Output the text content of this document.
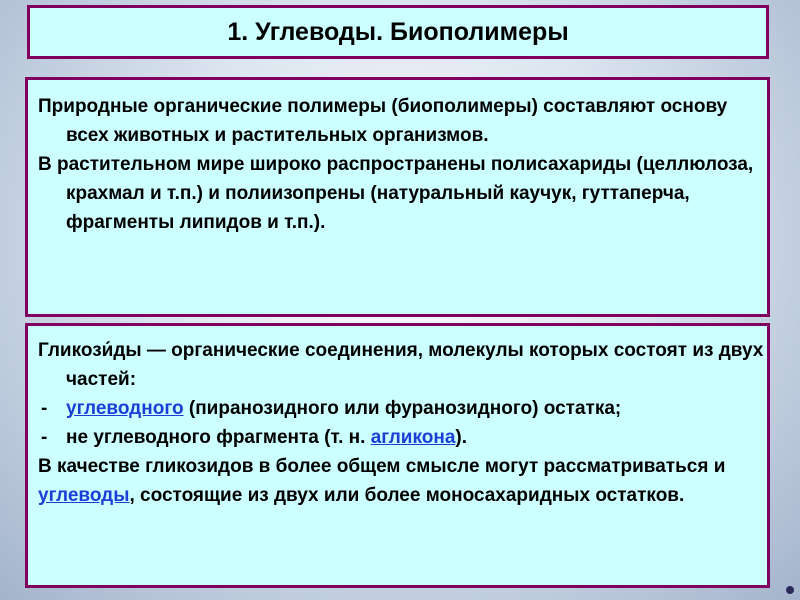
1. Углеводы. Биополимеры

Природные органические полимеры (биополимеры) составляют основу всех животных и растительных организмов.

В растительном мире широко распространены полисахариды (целлюлоза, крахмал и т.п.) и полиизопрены (натуральный каучук, гуттаперча, фрагменты липидов и т.п.).

Гликози́ды — органические соединения, молекулы которых состоят из двух частей:

- углеводного (пиранозидного или фуранозидного) остатка;

- не углеводного фрагмента (т. н. агликона).

В качестве гликозидов в более общем смысле могут рассматриваться и углеводы, состоящие из двух или более моносахаридных остатков.
